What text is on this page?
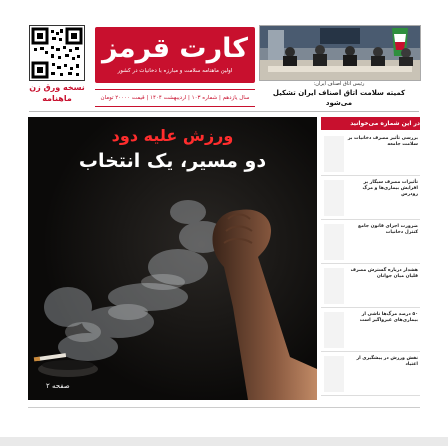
نسخه ورق زن
ماهنامه
کارت قرمز
اولین ماهنامه سلامت و مبارزه با دخانیات در کشور
سال یازدهم | شماره ۱۰۳ | اردیبهشت ۱۴۰۴ | قیمت ۲۰۰۰۰ تومان
رئیس اتاق اصناف ایران:
کمیته سلامت اتاق اصناف ایران تشکیل می‌شود
ورزش علیه دود
دو مسیر، یک انتخاب
صفحه ۲
در این شماره می‌خوانید
بررسی تأثیر مصرف دخانیات بر سلامت جامعه
تأثیرات مصرف سیگار بر افزایش بیماری‌ها و مرگ زودرس
ضرورت اجرای قانون جامع کنترل دخانیات
هشدار درباره گسترش مصرف قلیان میان جوانان
۵۰ درصد مرگ‌ها ناشی از بیماری‌های غیرواگیر است
نقش ورزش در پیشگیری از اعتیاد
